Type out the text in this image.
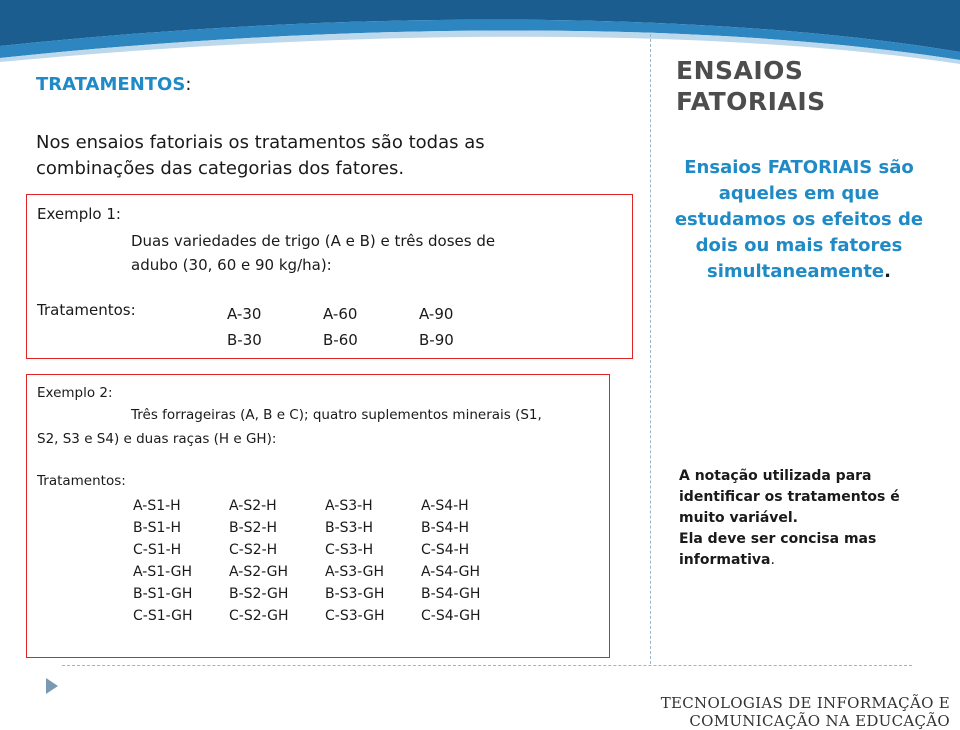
ENSAIOS
FATORIAIS
TRATAMENTOS:
Nos ensaios fatoriais os tratamentos são todas as
combinações das categorias dos fatores.
Exemplo 1:
Duas variedades de trigo (A e B) e três doses de
adubo (30, 60 e 90 kg/ha):
Tratamentos:	A-30	A-60	A-90
B-30	B-60	B-90
Exemplo 2:
Três forrageiras (A, B e C); quatro suplementos minerais (S1,
S2, S3 e S4) e duas raças (H e GH):
Tratamentos:
A-S1-H	A-S2-H	A-S3-H	A-S4-H
B-S1-H	B-S2-H	B-S3-H	B-S4-H
C-S1-H	C-S2-H	C-S3-H	C-S4-H
A-S1-GH	A-S2-GH	A-S3-GH	A-S4-GH
B-S1-GH	B-S2-GH	B-S3-GH	B-S4-GH
C-S1-GH	C-S2-GH	C-S3-GH	C-S4-GH
Ensaios FATORIAIS são
aqueles em que
estudamos os efeitos de
dois ou mais fatores
simultaneamente.
A notação utilizada para
identificar os tratamentos é
muito variável.
Ela deve ser concisa mas
informativa.
TECNOLOGIAS DE INFORMAÇÃO E COMUNICAÇÃO NA EDUCAÇÃO
